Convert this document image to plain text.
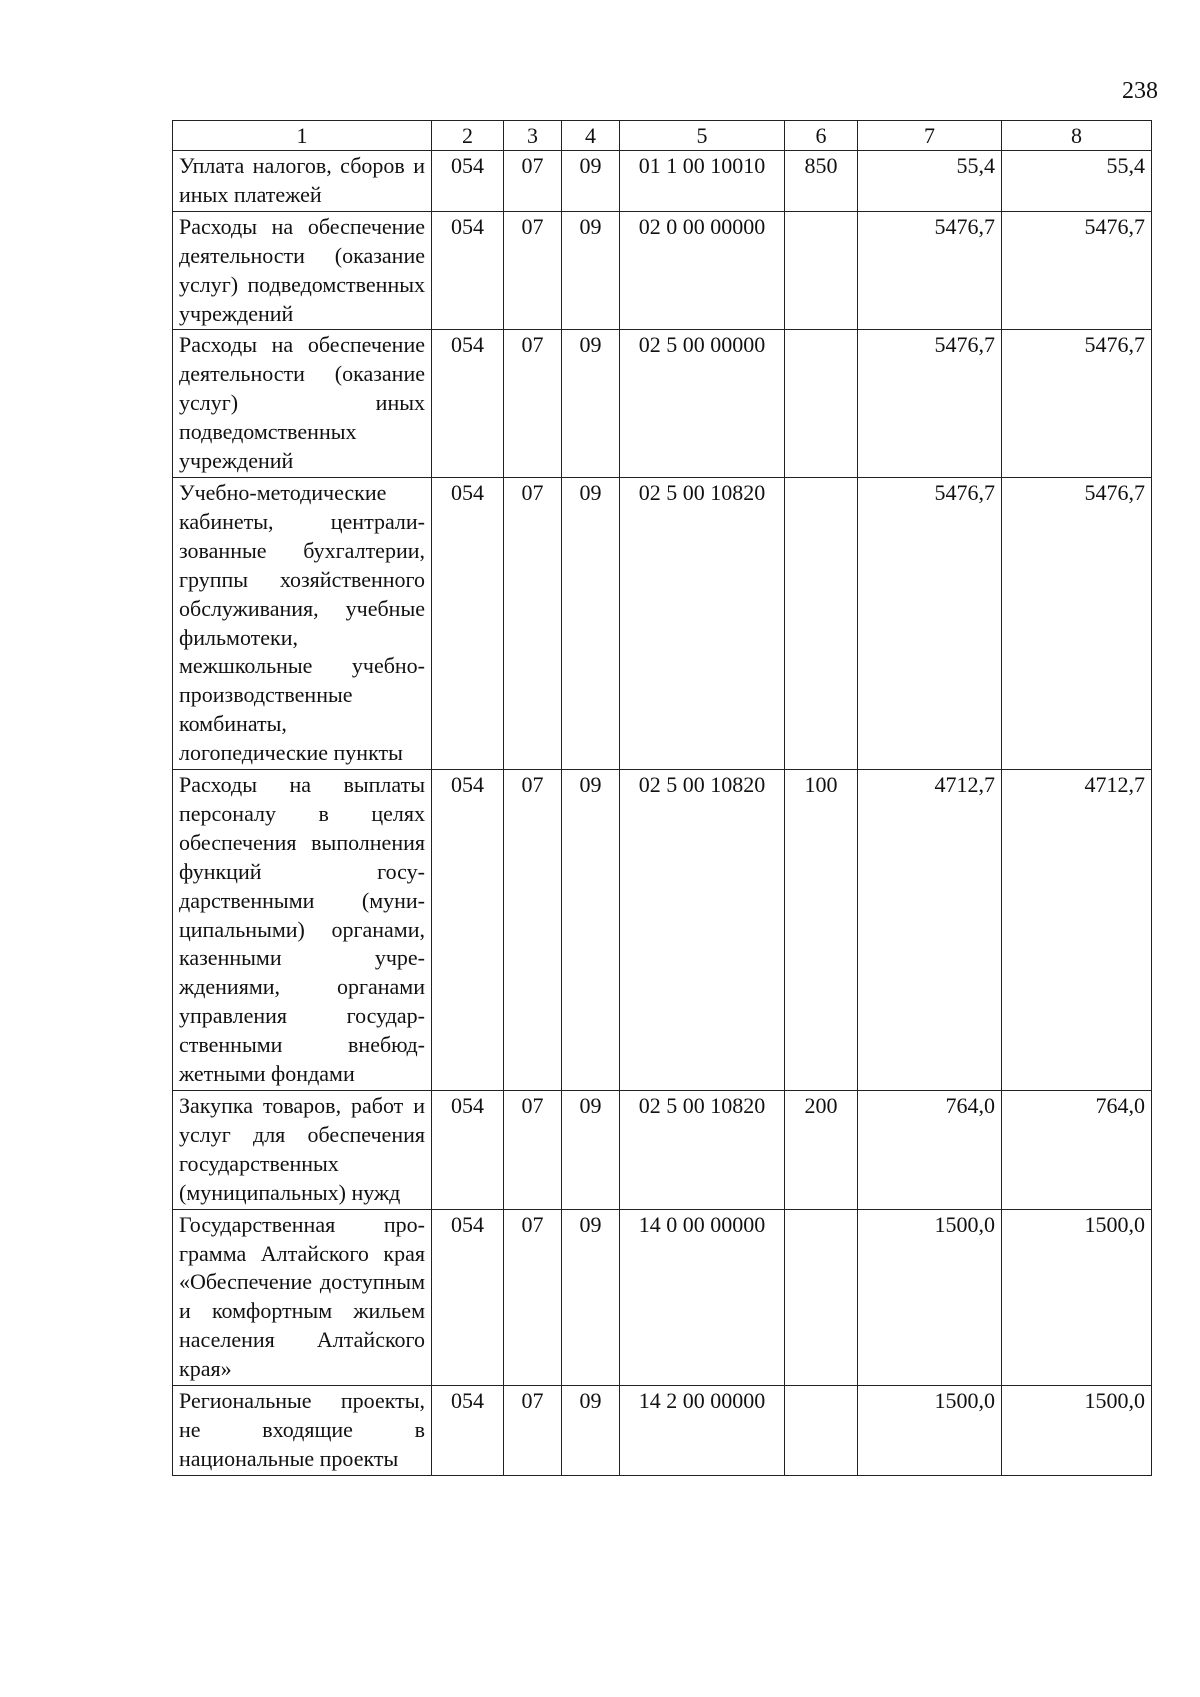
238
1	2	3	4	5	6	7	8
Уплата налогов, сборов и иных платежей	054	07	09	01 1 00 10010	850	55,4	55,4
Расходы на обеспечение деятельности (оказание услуг) подведомственных учреждений	054	07	09	02 0 00 00000		5476,7	5476,7
Расходы на обеспечение деятельности (оказание услуг) иных подведомственных учреждений	054	07	09	02 5 00 00000		5476,7	5476,7
Учебно-методические кабинеты, централизованные бухгалтерии, группы хозяйственного обслуживания, учебные фильмотеки, межшкольные учебно-производственные комбинаты, логопедические пункты	054	07	09	02 5 00 10820		5476,7	5476,7
Расходы на выплаты персоналу в целях обеспечения выполнения функций государственными (муниципальными) органами, казенными учреждениями, органами управления государственными внебюджетными фондами	054	07	09	02 5 00 10820	100	4712,7	4712,7
Закупка товаров, работ и услуг для обеспечения государственных (муниципальных) нужд	054	07	09	02 5 00 10820	200	764,0	764,0
Государственная программа Алтайского края «Обеспечение доступным и комфортным жильем населения Алтайского края»	054	07	09	14 0 00 00000		1500,0	1500,0
Региональные проекты, не входящие в национальные проекты	054	07	09	14 2 00 00000		1500,0	1500,0
